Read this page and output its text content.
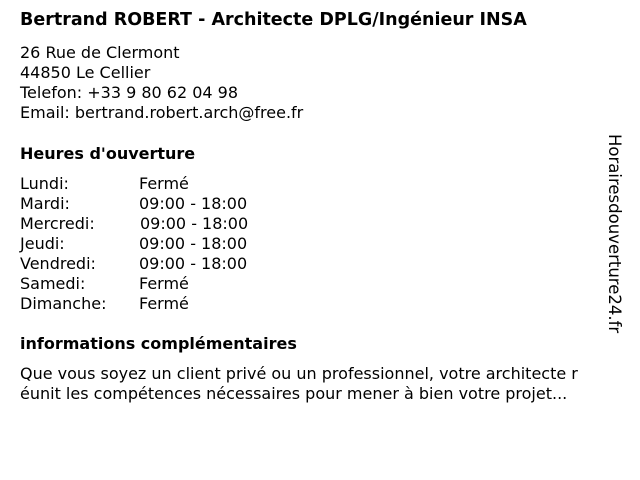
Bertrand ROBERT - Architecte DPLG/Ingénieur INSA
26 Rue de Clermont
44850 Le Cellier
Telefon: +33 9 80 62 04 98
Email: bertrand.robert.arch@free.fr
Heures d'ouverture
Lundi:	Fermé
Mardi:	09:00 - 18:00
Mercredi:	09:00 - 18:00
Jeudi:	09:00 - 18:00
Vendredi:	09:00 - 18:00
Samedi:	Fermé
Dimanche: Fermé
informations complémentaires
Que vous soyez un client privé ou un professionnel, votre architecte r
éunit les compétences nécessaires pour mener à bien votre projet...
Horairesdouverture24.fr
